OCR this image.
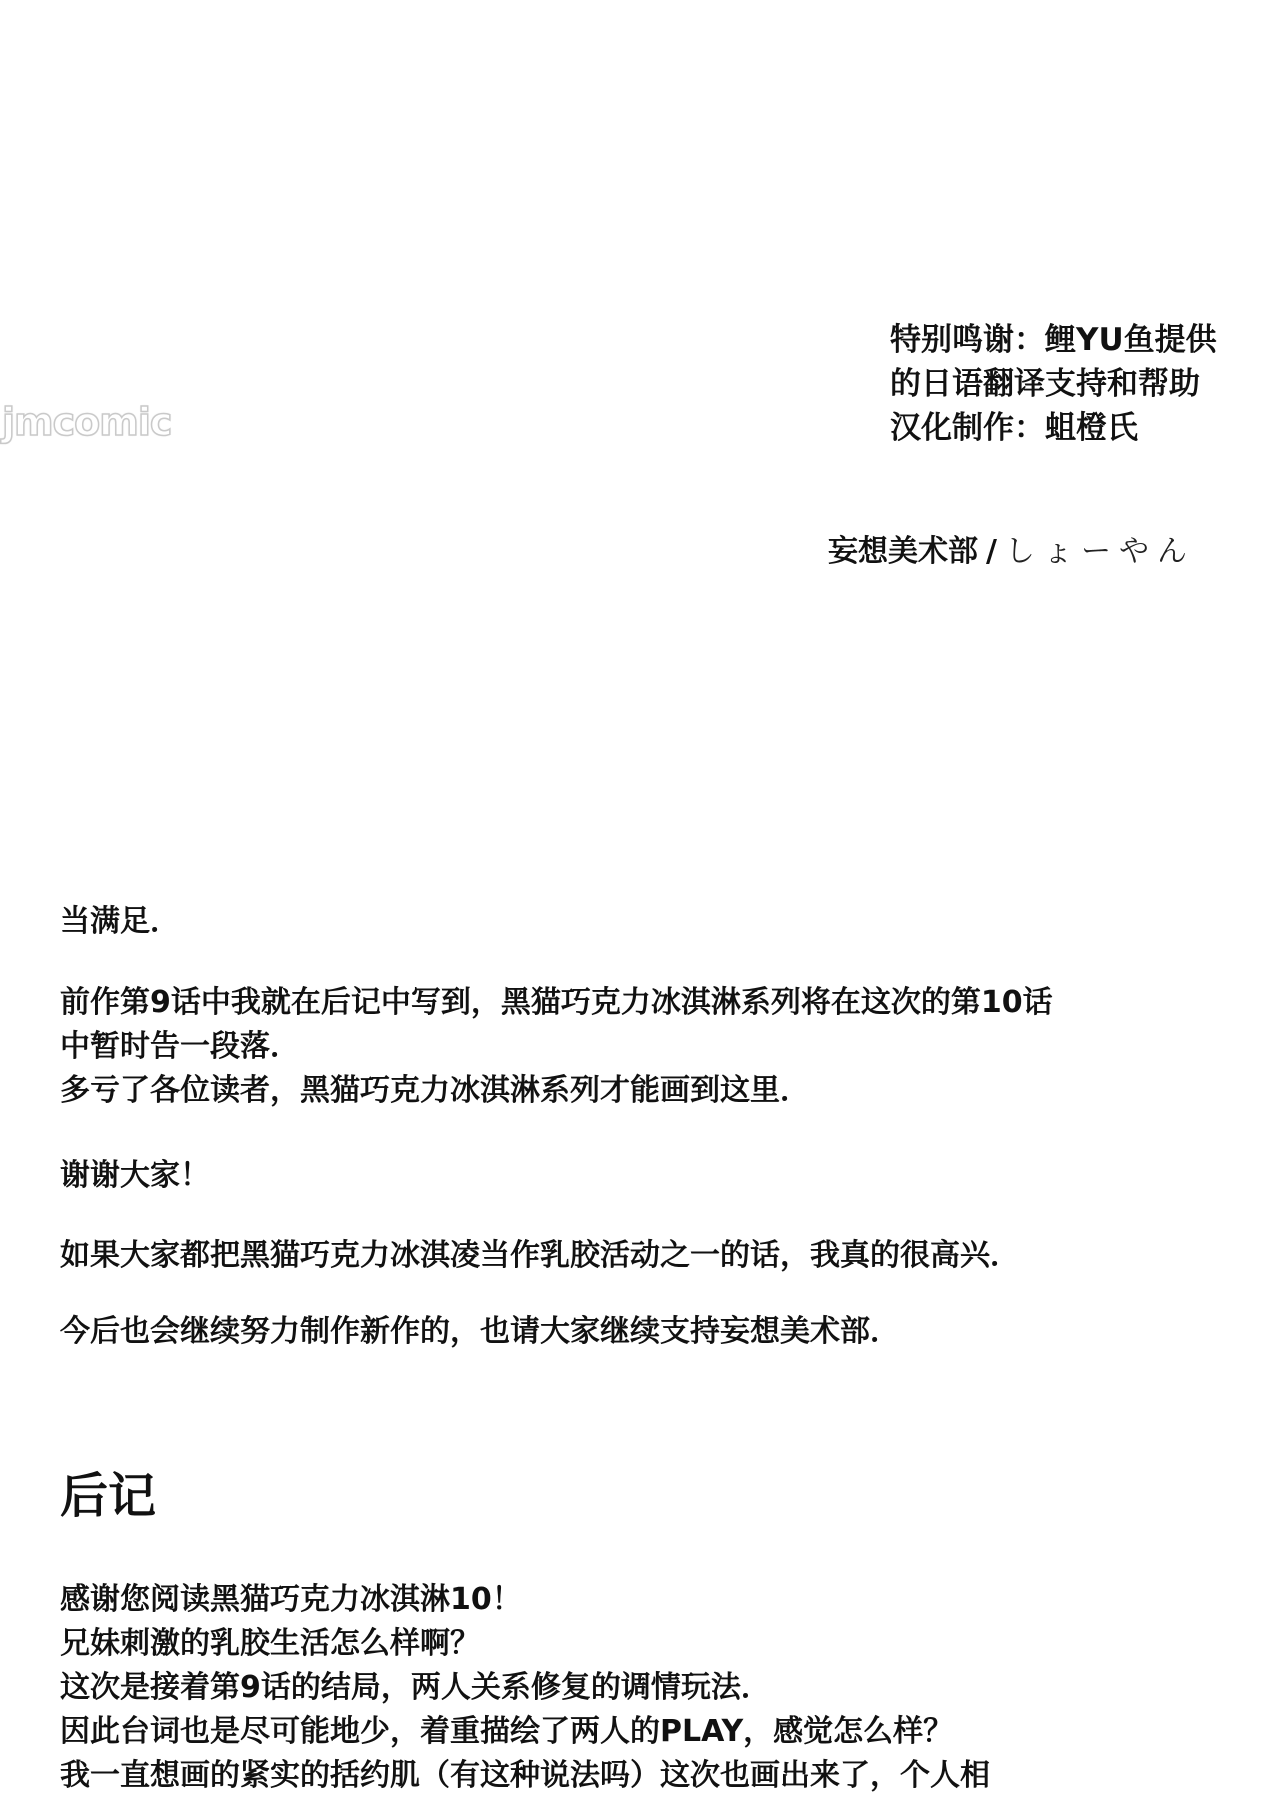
jmcomic
特别鸣谢：鲤YU鱼提供
的日语翻译支持和帮助
汉化制作：蛆橙氏
妄想美术部 / しょーやん
当满足．
前作第9话中我就在后记中写到，黑猫巧克力冰淇淋系列将在这次的第10话
中暂时告一段落．
多亏了各位读者，黑猫巧克力冰淇淋系列才能画到这里．
谢谢大家！
如果大家都把黑猫巧克力冰淇凌当作乳胶活动之一的话，我真的很高兴．
今后也会继续努力制作新作的，也请大家继续支持妄想美术部．
后记
感谢您阅读黑猫巧克力冰淇淋10！
兄妹刺激的乳胶生活怎么样啊？
这次是接着第9话的结局，两人关系修复的调情玩法．
因此台词也是尽可能地少，着重描绘了两人的PLAY，感觉怎么样？
我一直想画的紧实的括约肌（有这种说法吗）这次也画出来了，个人相
